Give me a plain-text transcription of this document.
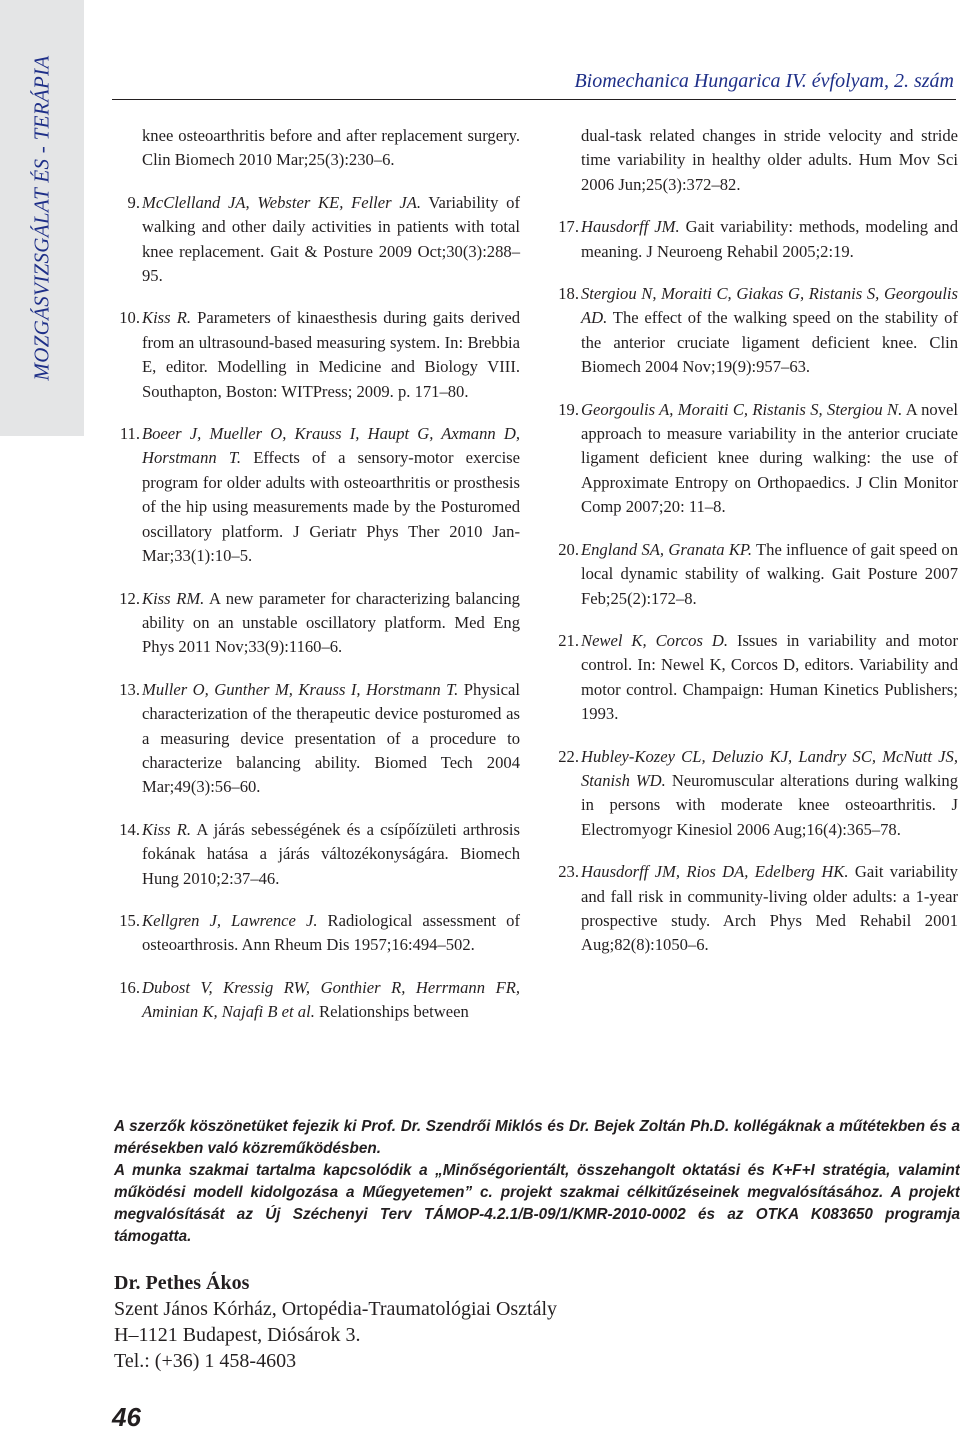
MOZGÁSVIZSGÁLAT ÉS - TERÁPIA	Biomechanica Hungarica IV. évfolyam, 2. szám
knee osteoarthritis before and after replacement surgery. Clin Biomech 2010 Mar;25(3):230–6.
9. McClelland JA, Webster KE, Feller JA. Variability of walking and other daily activities in patients with total knee replacement. Gait & Posture 2009 Oct;30(3):288–95.
10. Kiss R. Parameters of kinaesthesis during gaits derived from an ultrasound-based measuring system. In: Brebbia E, editor. Modelling in Medicine and Biology VIII. Southapton, Boston: WITPress; 2009. p. 171–80.
11. Boeer J, Mueller O, Krauss I, Haupt G, Axmann D, Horstmann T. Effects of a sensory-motor exercise program for older adults with osteoarthritis or prosthesis of the hip using measurements made by the Posturomed oscillatory platform. J Geriatr Phys Ther 2010 Jan-Mar;33(1):10–5.
12. Kiss RM. A new parameter for characterizing balancing ability on an unstable oscillatory platform. Med Eng Phys 2011 Nov;33(9):1160–6.
13. Muller O, Gunther M, Krauss I, Horstmann T. Physical characterization of the therapeutic device posturomed as a measuring device presentation of a procedure to characterize balancing ability. Biomed Tech 2004 Mar;49(3):56–60.
14. Kiss R. A járás sebességének és a csípőízületi arthrosis fokának hatása a járás változékonyságára. Biomech Hung 2010;2:37–46.
15. Kellgren J, Lawrence J. Radiological assessment of osteoarthrosis. Ann Rheum Dis 1957;16:494–502.
16. Dubost V, Kressig RW, Gonthier R, Herrmann FR, Aminian K, Najafi B et al. Relationships between
dual-task related changes in stride velocity and stride time variability in healthy older adults. Hum Mov Sci 2006 Jun;25(3):372–82.
17. Hausdorff JM. Gait variability: methods, modeling and meaning. J Neuroeng Rehabil 2005;2:19.
18. Stergiou N, Moraiti C, Giakas G, Ristanis S, Georgoulis AD. The effect of the walking speed on the stability of the anterior cruciate ligament deficient knee. Clin Biomech 2004 Nov;19(9):957–63.
19. Georgoulis A, Moraiti C, Ristanis S, Stergiou N. A novel approach to measure variability in the anterior cruciate ligament deficient knee during walking: the use of Approximate Entropy on Orthopaedics. J Clin Monitor Comp 2007;20: 11–8.
20. England SA, Granata KP. The influence of gait speed on local dynamic stability of walking. Gait Posture 2007 Feb;25(2):172–8.
21. Newel K, Corcos D. Issues in variability and motor control. In: Newel K, Corcos D, editors. Variability and motor control. Champaign: Human Kinetics Publishers; 1993.
22. Hubley-Kozey CL, Deluzio KJ, Landry SC, McNutt JS, Stanish WD. Neuromuscular alterations during walking in persons with moderate knee osteoarthritis. J Electromyogr Kinesiol 2006 Aug;16(4):365–78.
23. Hausdorff JM, Rios DA, Edelberg HK. Gait variability and fall risk in community-living older adults: a 1-year prospective study. Arch Phys Med Rehabil 2001 Aug;82(8):1050–6.

A szerzők köszönetüket fejezik ki Prof. Dr. Szendrői Miklós és Dr. Bejek Zoltán Ph.D. kollégáknak a műtétekben és a mérésekben való közreműködésben.

A munka szakmai tartalma kapcsolódik a „Minőségorientált, összehangolt oktatási és K+F+I stratégia, valamint működési modell kidolgozása a Műegyetemen” c. projekt szakmai célkitűzéseinek megvalósításához. A projekt megvalósítását az Új Széchenyi Terv TÁMOP-4.2.1/B-09/1/KMR-2010-0002 és az OTKA K083650 programja támogatta.

Dr. Pethes Ákos
Szent János Kórház, Ortopédia-Traumatológiai Osztály
H–1121 Budapest, Diósárok 3.
Tel.: (+36) 1 458-4603
46
